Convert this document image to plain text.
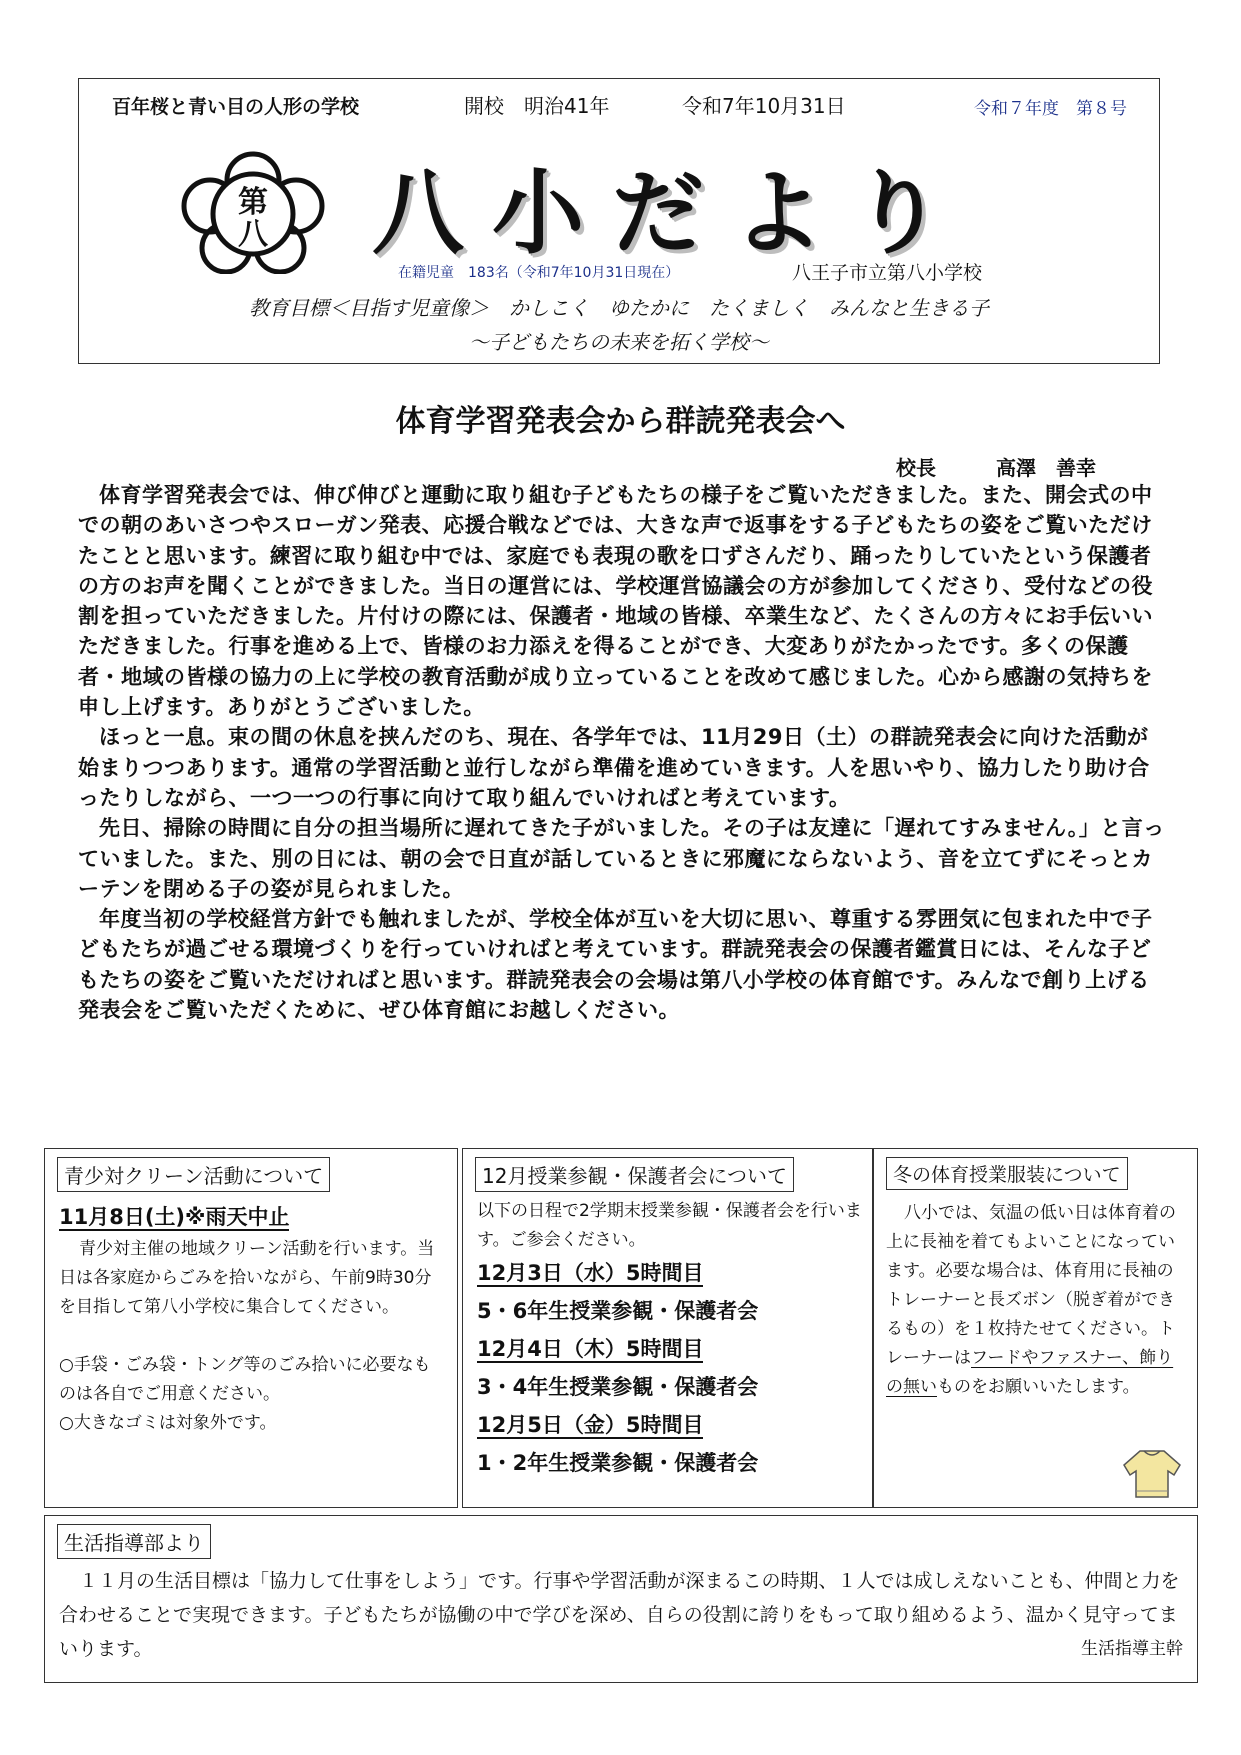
百年桜と青い目の人形の学校	開校　明治41年	令和7年10月31日	令和７年度　第８号
第
八 八小だより
在籍児童　183名（令和7年10月31日現在）	八王子市立第八小学校
教育目標＜目指す児童像＞　かしこく　ゆたかに　たくましく　みんなと生きる子
～子どもたちの未来を拓く学校～
体育学習発表会から群読発表会へ
校長　　　	高澤　善幸

体育学習発表会では、伸び伸びと運動に取り組む子どもたちの様子をご覧いただきました。また、開会式の中での朝のあいさつやスローガン発表、応援合戦などでは、大きな声で返事をする子どもたちの姿をご覧いただけたことと思います。練習に取り組む中では、家庭でも表現の歌を口ずさんだり、踊ったりしていたという保護者の方のお声を聞くことができました。当日の運営には、学校運営協議会の方が参加してくださり、受付などの役割を担っていただきました。片付けの際には、保護者・地域の皆様、卒業生など、たくさんの方々にお手伝いいただきました。行事を進める上で、皆様のお力添えを得ることができ、大変ありがたかったです。多くの保護者・地域の皆様の協力の上に学校の教育活動が成り立っていることを改めて感じました。心から感謝の気持ちを申し上げます。ありがとうございました。

ほっと一息。束の間の休息を挟んだのち、現在、各学年では、11月29日（土）の群読発表会に向けた活動が始まりつつあります。通常の学習活動と並行しながら準備を進めていきます。人を思いやり、協力したり助け合ったりしながら、一つ一つの行事に向けて取り組んでいければと考えています。

先日、掃除の時間に自分の担当場所に遅れてきた子がいました。その子は友達に「遅れてすみません。」と言っていました。また、別の日には、朝の会で日直が話しているときに邪魔にならないよう、音を立てずにそっとカーテンを閉める子の姿が見られました。

年度当初の学校経営方針でも触れましたが、学校全体が互いを大切に思い、尊重する雰囲気に包まれた中で子どもたちが過ごせる環境づくりを行っていければと考えています。群読発表会の保護者鑑賞日には、そんな子どもたちの姿をご覧いただければと思います。群読発表会の会場は第八小学校の体育館です。みんなで創り上げる発表会をご覧いただくために、ぜひ体育館にお越しください。

青少対クリーン活動について
11月8日(土)※雨天中止
青少対主催の地域クリーン活動を行います。当日は各家庭からごみを拾いながら、午前9時30分を目指して第八小学校に集合してください。
○手袋・ごみ袋・トング等のごみ拾いに必要なものは各自でご用意ください。
○大きなゴミは対象外です。
12月授業参観・保護者会について
以下の日程で2学期末授業参観・保護者会を行います。ご参会ください。
12月3日（水）5時間目
5・6年生授業参観・保護者会
12月4日（木）5時間目
3・4年生授業参観・保護者会
12月5日（金）5時間目
1・2年生授業参観・保護者会
冬の体育授業服装について
八小では、気温の低い日は体育着の上に長袖を着てもよいことになっています。必要な場合は、体育用に長袖のトレーナーと長ズボン（脱ぎ着ができるもの）を１枚持たせてください。トレーナーはフードやファスナー、飾りの無いものをお願いいたします。
生活指導部より
１１月の生活目標は「協力して仕事をしよう」です。行事や学習活動が深まるこの時期、１人では成しえないことも、仲間と力を合わせることで実現できます。子どもたちが協働の中で学びを深め、自らの役割に誇りをもって取り組めるよう、温かく見守ってまいります。	生活指導主幹
